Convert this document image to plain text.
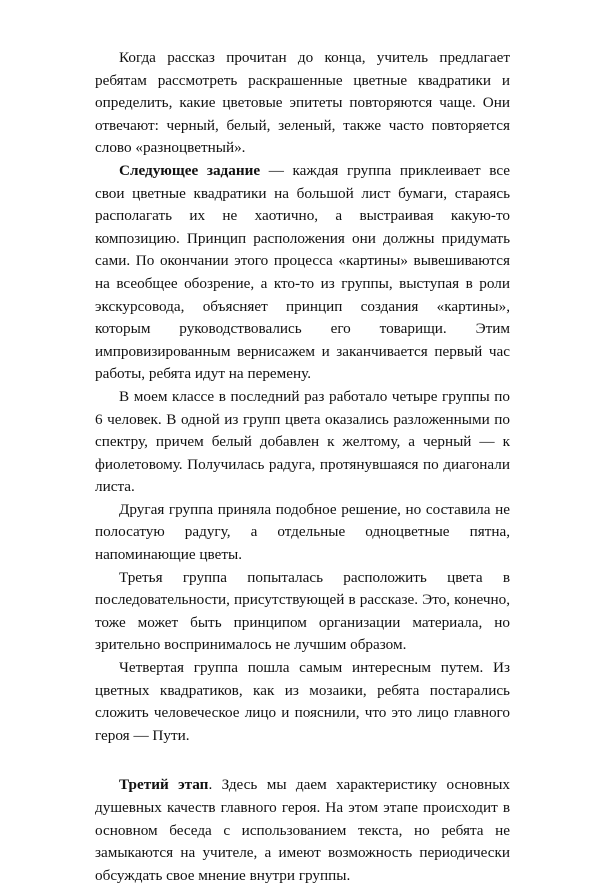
Когда рассказ прочитан до конца, учитель предлагает ребятам рассмотреть раскрашенные цветные квадратики и определить, какие цветовые эпитеты повторяются чаще. Они отвечают: черный, белый, зеленый, также часто повторяется слово «разноцветный».

Следующее задание — каждая группа приклеивает все свои цветные квадратики на большой лист бумаги, стараясь располагать их не хаотично, а выстраивая какую-то композицию. Принцип расположения они должны придумать сами. По окончании этого процесса «картины» вывешиваются на всеобщее обозрение, а кто-то из группы, выступая в роли экскурсовода, объясняет принцип создания «картины», которым руководствовались его товарищи. Этим импровизированным вернисажем и заканчивается первый час работы, ребята идут на перемену.

В моем классе в последний раз работало четыре группы по 6 человек. В одной из групп цвета оказались разложенными по спектру, причем белый добавлен к желтому, а черный — к фиолетовому. Получилась радуга, протянувшаяся по диагонали листа.

Другая группа приняла подобное решение, но составила не полосатую радугу, а отдельные одноцветные пятна, напоминающие цветы.

Третья группа попыталась расположить цвета в последовательности, присутствующей в рассказе. Это, конечно, тоже может быть принципом организации материала, но зрительно воспринималось не лучшим образом.

Четвертая группа пошла самым интересным путем. Из цветных квадратиков, как из мозаики, ребята постарались сложить человеческое лицо и пояснили, что это лицо главного героя — Пути.

Третий этап. Здесь мы даем характеристику основных душевных качеств главного героя. На этом этапе происходит в основном беседа с использованием текста, но ребята не замыкаются на учителе, а имеют возможность периодически обсуждать свое мнение внутри группы.
